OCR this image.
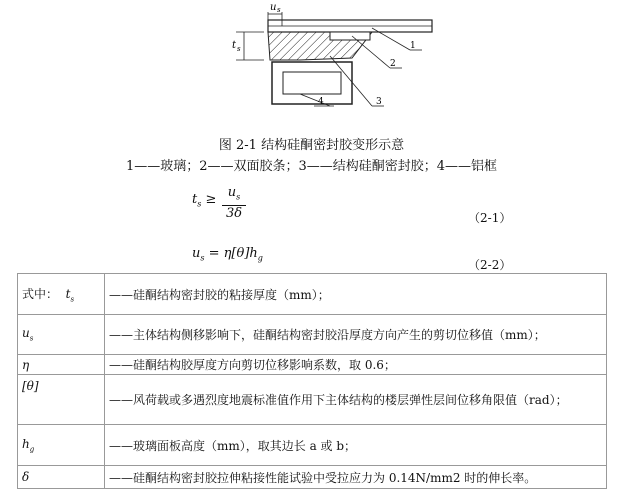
u s
t s	1
2
3
4
图 2-1 结构硅酮密封胶变形示意
1——玻璃；2——双面胶条；3——结构硅酮密封胶；4——铝框
$t_s \ge u_s$
3δ	（2-1）
$u_s = \eta[\theta]h_g$	（2-2）
式中： $t_s$	——硅酮结构密封胶的粘接厚度（mm）；
$u_s$	——主体结构侧移影响下，硅酮结构密封胶沿厚度方向产生的剪切位移值（mm）；
η	——硅酮结构胶厚度方向剪切位移影响系数，取 0.6；
[θ]	——风荷载或多遇烈度地震标准值作用下主体结构的楼层弹性层间位移角限值（rad）；
$h_g$	——玻璃面板高度（mm），取其边长 a 或 b；
δ	——硅酮结构密封胶拉伸粘接性能试验中受拉应力为 0.14N/mm2 时的伸长率。
